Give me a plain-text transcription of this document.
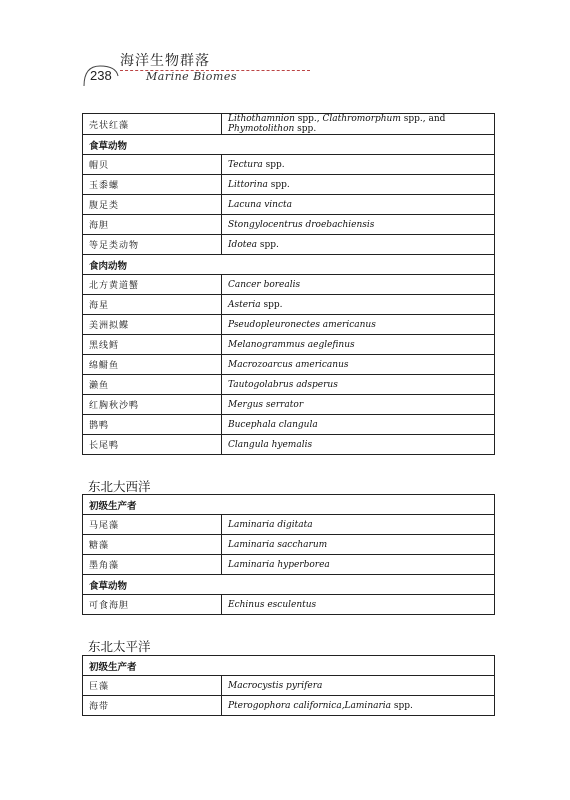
238
海洋生物群落
Marine Biomes
壳状红藻	Lithothamnion spp., Clathromorphum spp., and Phymotolithon spp.
食草动物	
帽贝	Tectura spp.
玉黍螺	Littorina spp.
腹足类	Lacuna vincta
海胆	Stongylocentrus droebachiensis
等足类动物	Idotea spp.
食肉动物	
北方黄道蟹	Cancer borealis
海星	Asteria spp.
美洲拟鲽	Pseudopleuronectes americanus
黑线鳕	Melanogrammus aeglefinus
绵鳚鱼	Macrozoarcus americanus
濑鱼	Tautogolabrus adsperus
红胸秋沙鸭	Mergus serrator
鹊鸭	Bucephala clangula
长尾鸭	Clangula hyemalis
东北大西洋
初级生产者	
马尾藻	Laminaria digitata
糖藻	Laminaria saccharum
墨角藻	Laminaria hyperborea
食草动物	
可食海胆	Echinus esculentus
东北太平洋
初级生产者	
巨藻	Macrocystis pyrifera
海带	Pterogophora californica,Laminaria spp.
